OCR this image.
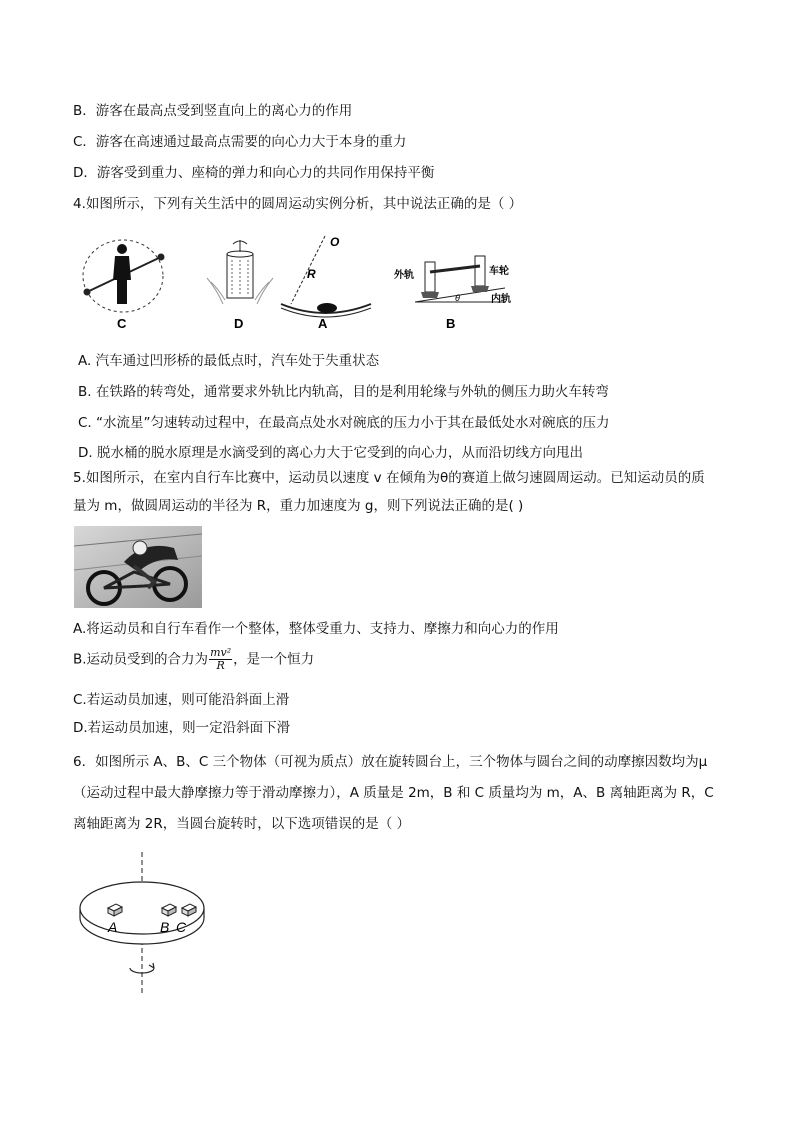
B．游客在最高点受到竖直向上的离心力的作用
C．游客在高速通过最高点需要的向心力大于本身的重力
D．游客受到重力、座椅的弹力和向心力的共同作用保持平衡
4.如图所示，下列有关生活中的圆周运动实例分析，其中说法正确的是（ ）
C	D
O
R
A
外轨	车轮
内轨
θ
B
A. 汽车通过凹形桥的最低点时，汽车处于失重状态
B. 在铁路的转弯处，通常要求外轨比内轨高，目的是利用轮缘与外轨的侧压力助火车转弯
C. “水流星”匀速转动过程中，在最高点处水对碗底的压力小于其在最低处水对碗底的压力
D. 脱水桶的脱水原理是水滴受到的离心力大于它受到的向心力，从而沿切线方向甩出
5.如图所示，在室内自行车比赛中，运动员以速度 v 在倾角为θ的赛道上做匀速圆周运动。已知运动员的质
量为 m，做圆周运动的半径为 R，重力加速度为 g，则下列说法正确的是( )
A.将运动员和自行车看作一个整体，整体受重力、支持力、摩擦力和向心力的作用
B.运动员受到的合力为 $\frac{\text{mv²}}{R}$ ，是一个恒力
C.若运动员加速，则可能沿斜面上滑
D.若运动员加速，则一定沿斜面下滑
6．如图所示 A、B、C 三个物体（可视为质点）放在旋转圆台上，三个物体与圆台之间的动摩擦因数均为μ
（运动过程中最大静摩擦力等于滑动摩擦力），A 质量是 2m，B 和 C 质量均为 m，A、B 离轴距离为 R，C
离轴距离为 2R，当圆台旋转时，以下选项错误的是（ ）
A	B C
